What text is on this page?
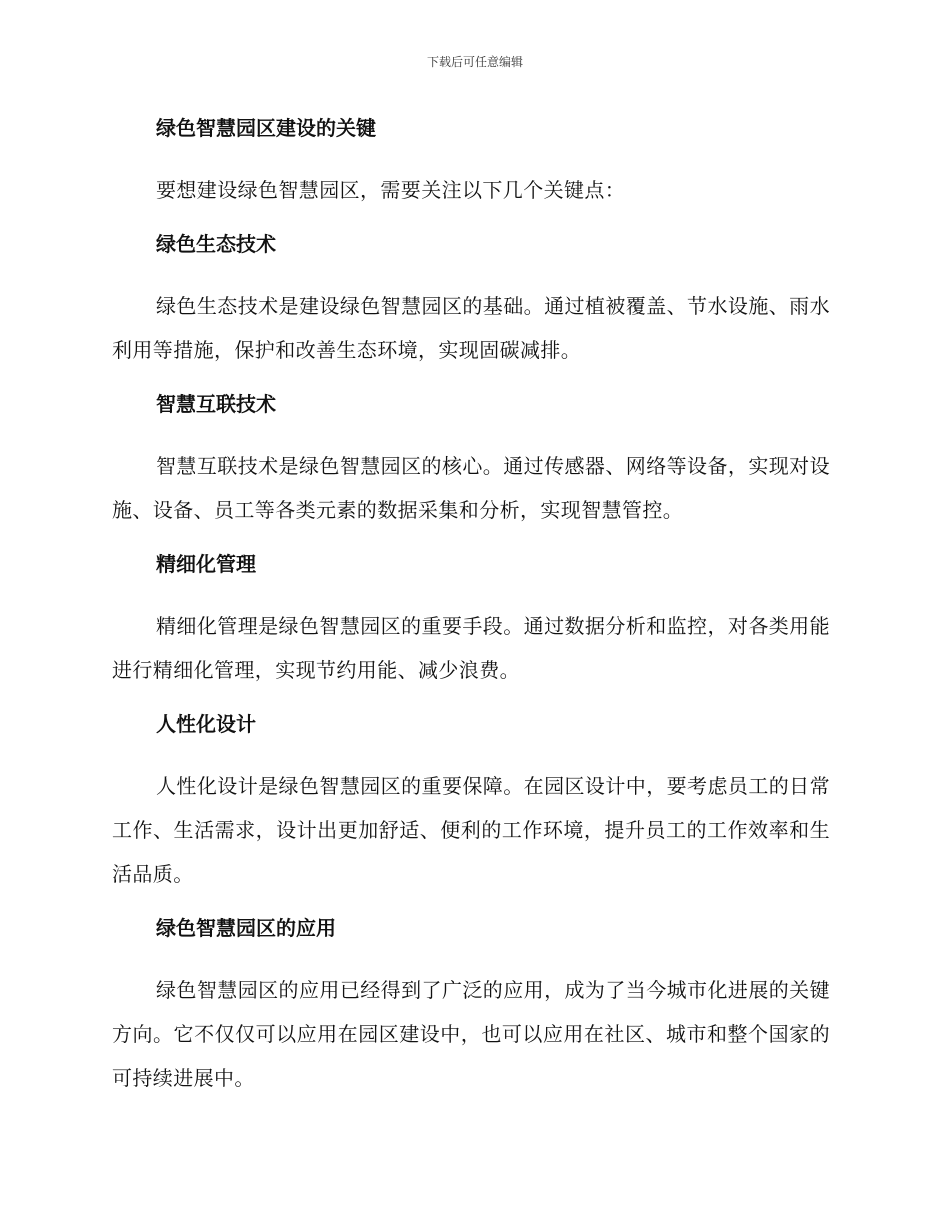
下载后可任意编辑
绿色智慧园区建设的关键

要想建设绿色智慧园区，需要关注以下几个关键点：

绿色生态技术

绿色生态技术是建设绿色智慧园区的基础。通过植被覆盖、节水设施、雨水利用等措施，保护和改善生态环境，实现固碳减排。

智慧互联技术

智慧互联技术是绿色智慧园区的核心。通过传感器、网络等设备，实现对设施、设备、员工等各类元素的数据采集和分析，实现智慧管控。

精细化管理

精细化管理是绿色智慧园区的重要手段。通过数据分析和监控，对各类用能进行精细化管理，实现节约用能、减少浪费。

人性化设计

人性化设计是绿色智慧园区的重要保障。在园区设计中，要考虑员工的日常工作、生活需求，设计出更加舒适、便利的工作环境，提升员工的工作效率和生活品质。

绿色智慧园区的应用

绿色智慧园区的应用已经得到了广泛的应用，成为了当今城市化进展的关键方向。它不仅仅可以应用在园区建设中，也可以应用在社区、城市和整个国家的可持续进展中。
